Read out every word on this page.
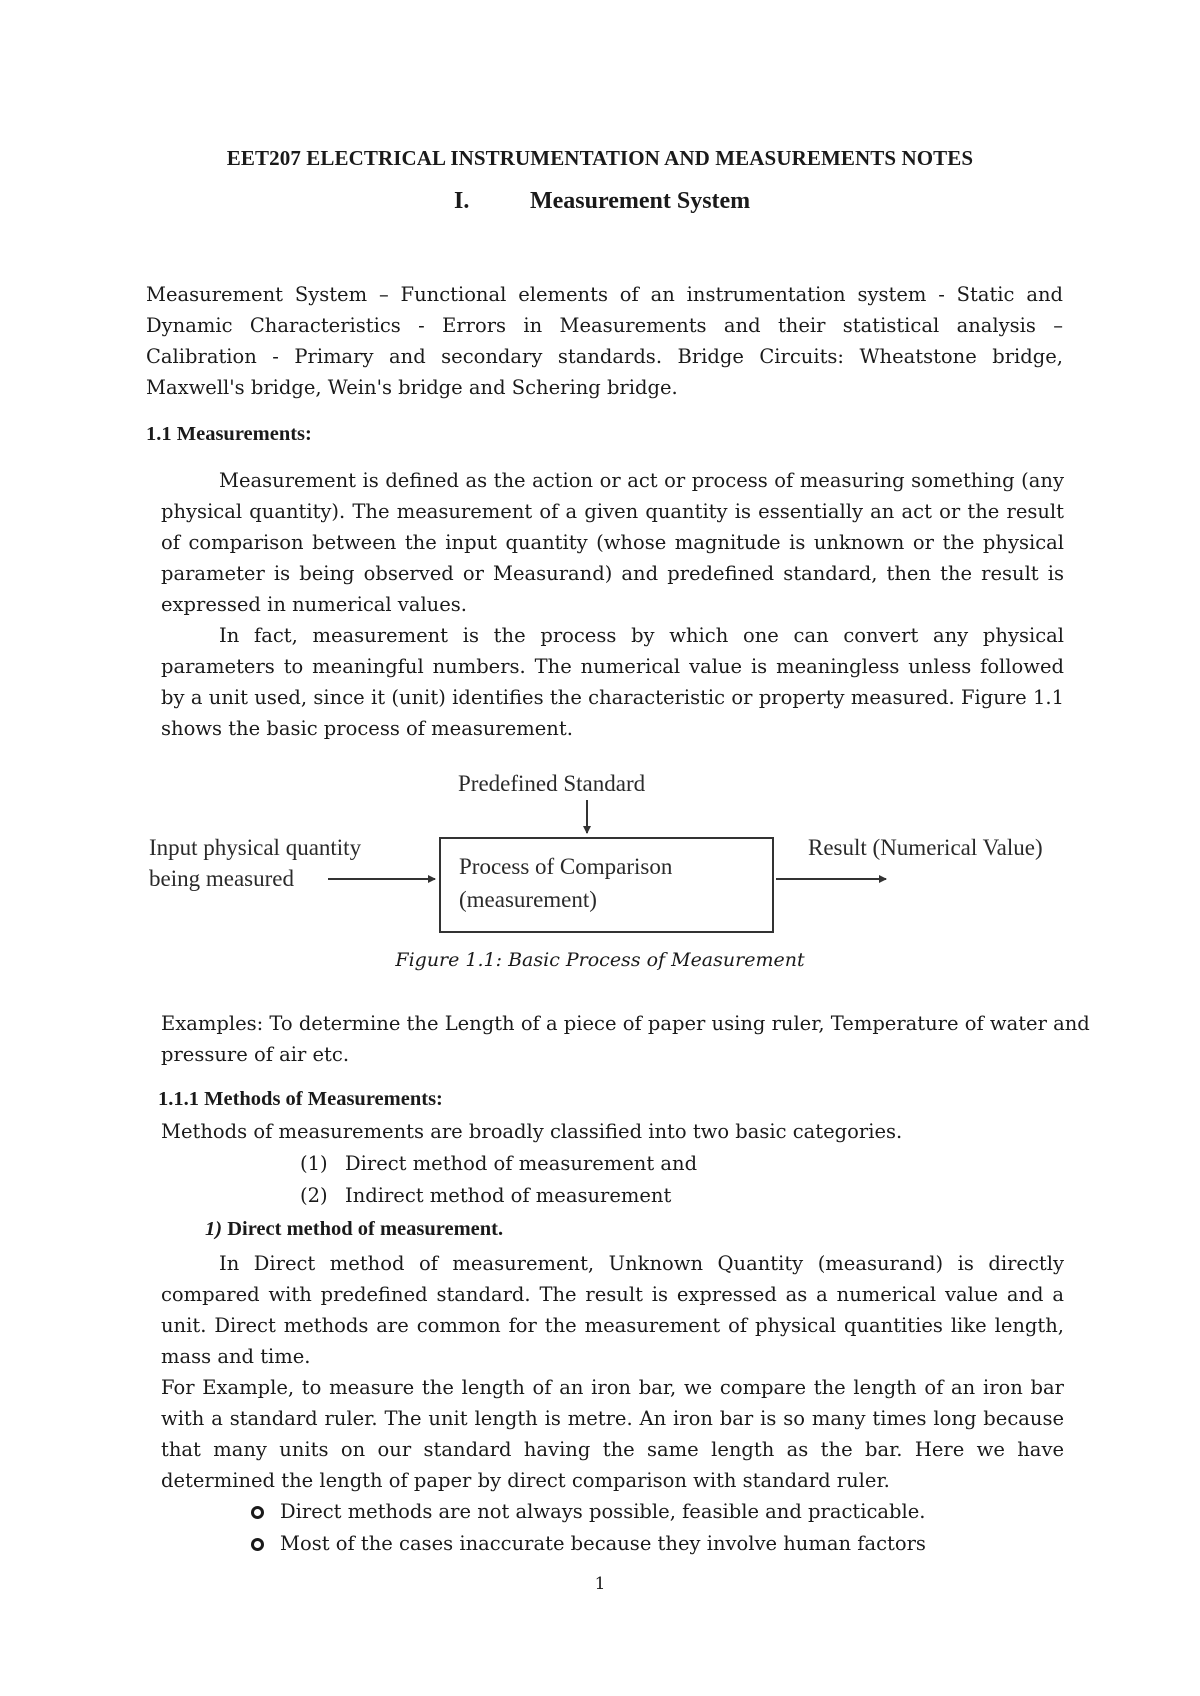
EET207 ELECTRICAL INSTRUMENTATION AND MEASUREMENTS NOTES

I.	Measurement System

Measurement System – Functional elements of an instrumentation system - Static and Dynamic Characteristics - Errors in Measurements and their statistical analysis – Calibration - Primary and secondary standards. Bridge Circuits: Wheatstone bridge, Maxwell's bridge, Wein's bridge and Schering bridge.

1.1 Measurements:

Measurement is defined as the action or act or process of measuring something (any physical quantity). The measurement of a given quantity is essentially an act or the result of comparison between the input quantity (whose magnitude is unknown or the physical parameter is being observed or Measurand) and predefined standard, then the result is expressed in numerical values.

In fact, measurement is the process by which one can convert any physical parameters to meaningful numbers. The numerical value is meaningless unless followed by a unit used, since it (unit) identifies the characteristic or property measured. Figure 1.1 shows the basic process of measurement.

Predefined Standard
Input physical quantity
being measured	Process of Comparison
(measurement)
Result (Numerical Value)

Figure 1.1: Basic Process of Measurement

Examples: To determine the Length of a piece of paper using ruler, Temperature of water and pressure of air etc.

1.1.1 Methods of Measurements:

Methods of measurements are broadly classified into two basic categories.

(1) Direct method of measurement and

(2) Indirect method of measurement

1) Direct method of measurement.

In Direct method of measurement, Unknown Quantity (measurand) is directly compared with predefined standard. The result is expressed as a numerical value and a unit. Direct methods are common for the measurement of physical quantities like length, mass and time.

For Example, to measure the length of an iron bar, we compare the length of an iron bar with a standard ruler. The unit length is metre. An iron bar is so many times long because that many units on our standard having the same length as the bar. Here we have determined the length of paper by direct comparison with standard ruler.

Direct methods are not always possible, feasible and practicable.

Most of the cases inaccurate because they involve human factors

1
